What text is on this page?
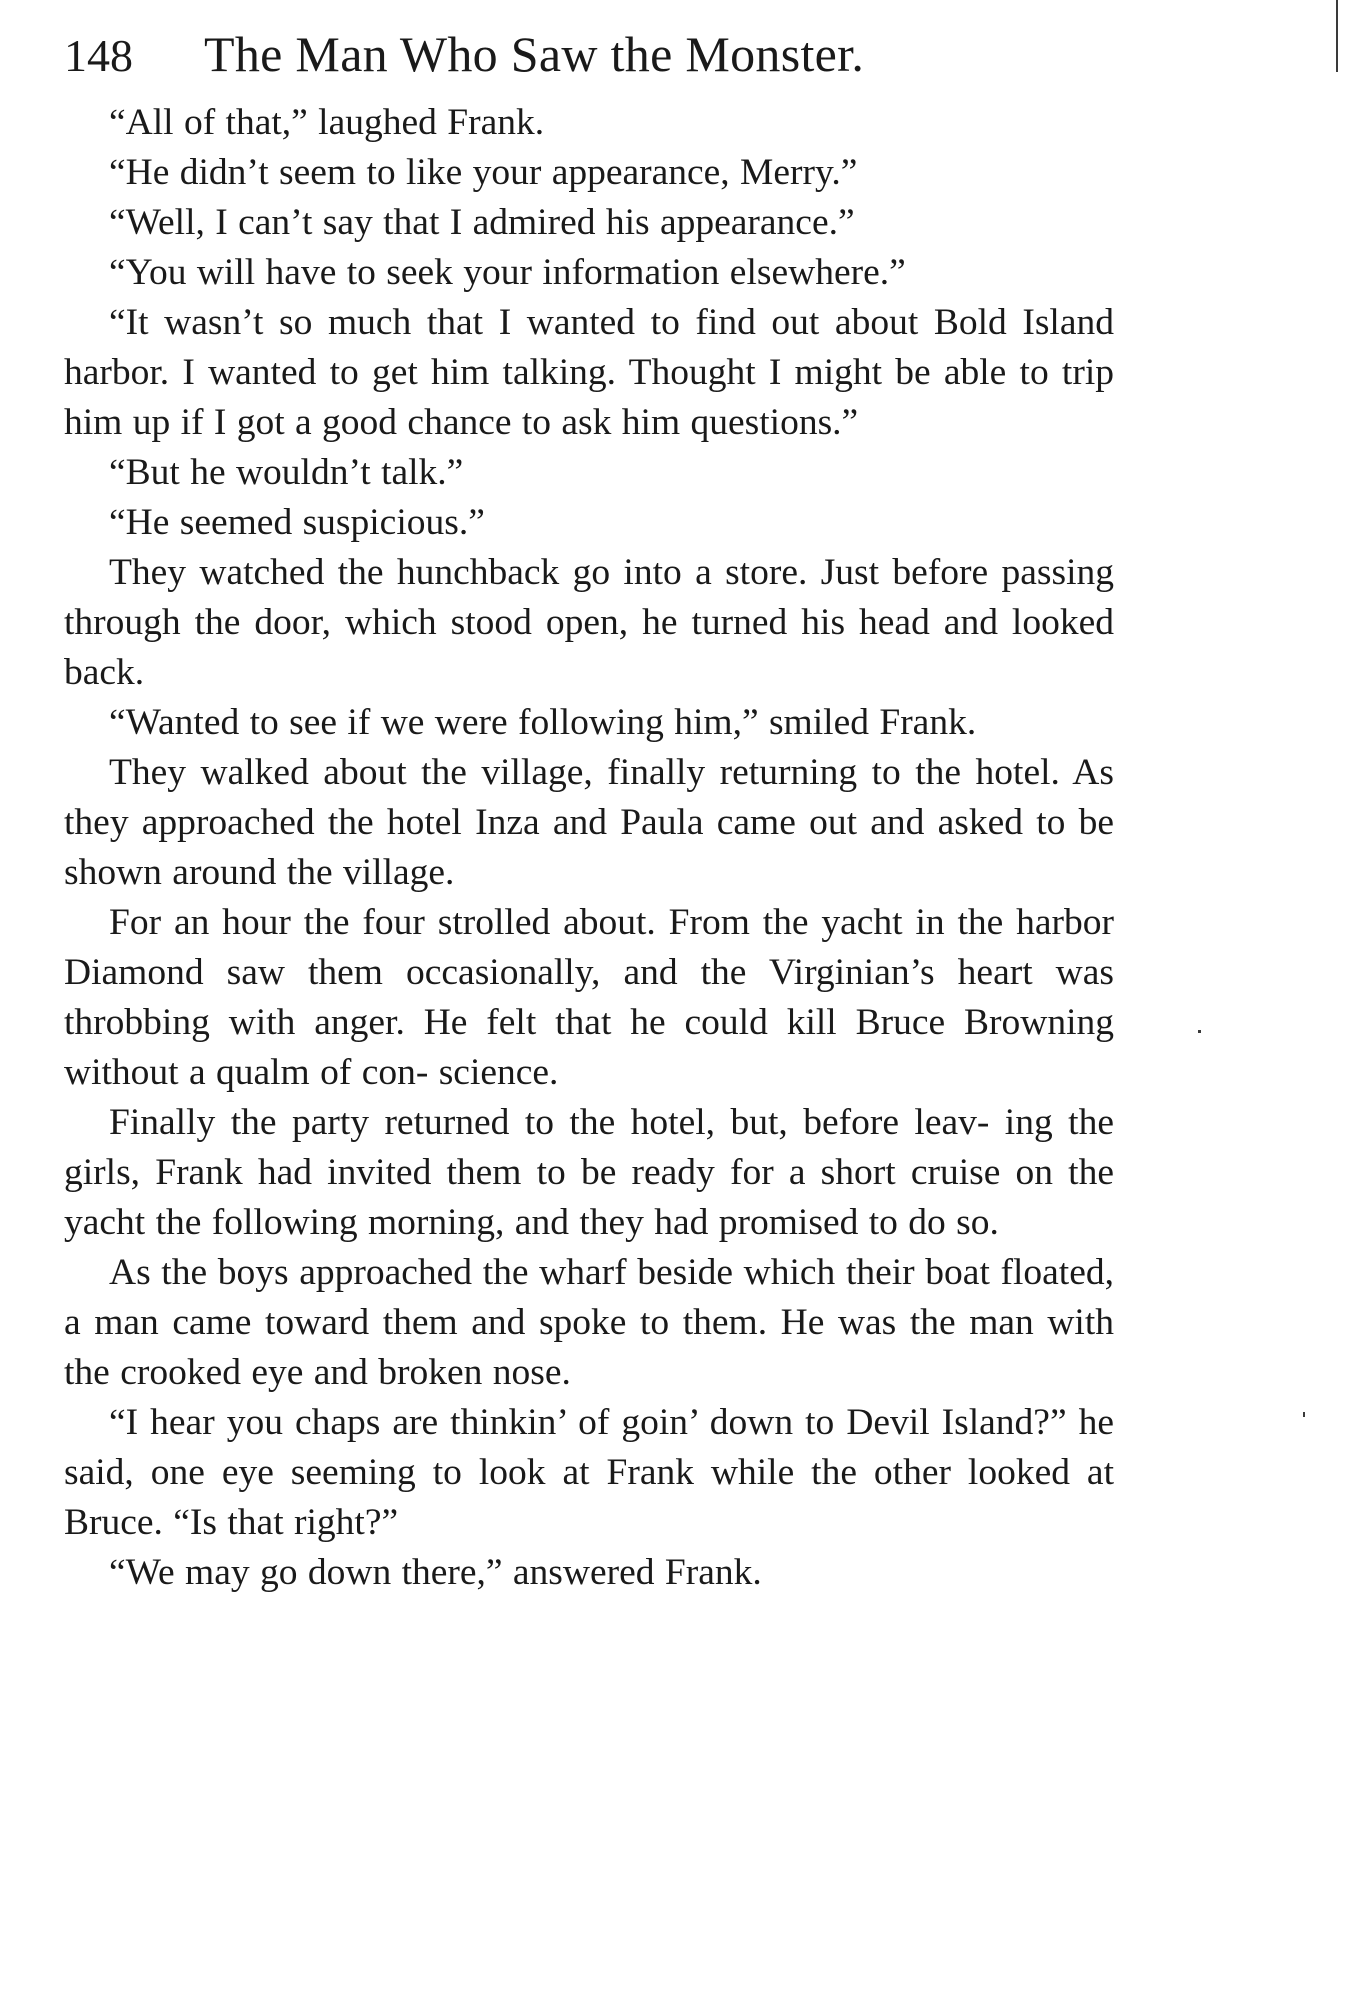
148 The Man Who Saw the Monster.

“All of that,” laughed Frank.

“He didn’t seem to like your appearance, Merry.”

“Well, I can’t say that I admired his appearance.”

“You will have to seek your information elsewhere.”

“It wasn’t so much that I wanted to find out about Bold Island harbor. I wanted to get him talking. Thought I might be able to trip him up if I got a good chance to ask him questions.”

“But he wouldn’t talk.”

“He seemed suspicious.”

They watched the hunchback go into a store. Just before passing through the door, which stood open, he turned his head and looked back.

“Wanted to see if we were following him,” smiled Frank.

They walked about the village, finally returning to the hotel. As they approached the hotel Inza and Paula came out and asked to be shown around the village.

For an hour the four strolled about. From the yacht in the harbor Diamond saw them occasionally, and the Virginian’s heart was throbbing with anger. He felt that he could kill Bruce Browning without a qualm of con- science.

Finally the party returned to the hotel, but, before leav- ing the girls, Frank had invited them to be ready for a short cruise on the yacht the following morning, and they had promised to do so.

As the boys approached the wharf beside which their boat floated, a man came toward them and spoke to them. He was the man with the crooked eye and broken nose.

“I hear you chaps are thinkin’ of goin’ down to Devil Island?” he said, one eye seeming to look at Frank while the other looked at Bruce. “Is that right?”

“We may go down there,” answered Frank.
